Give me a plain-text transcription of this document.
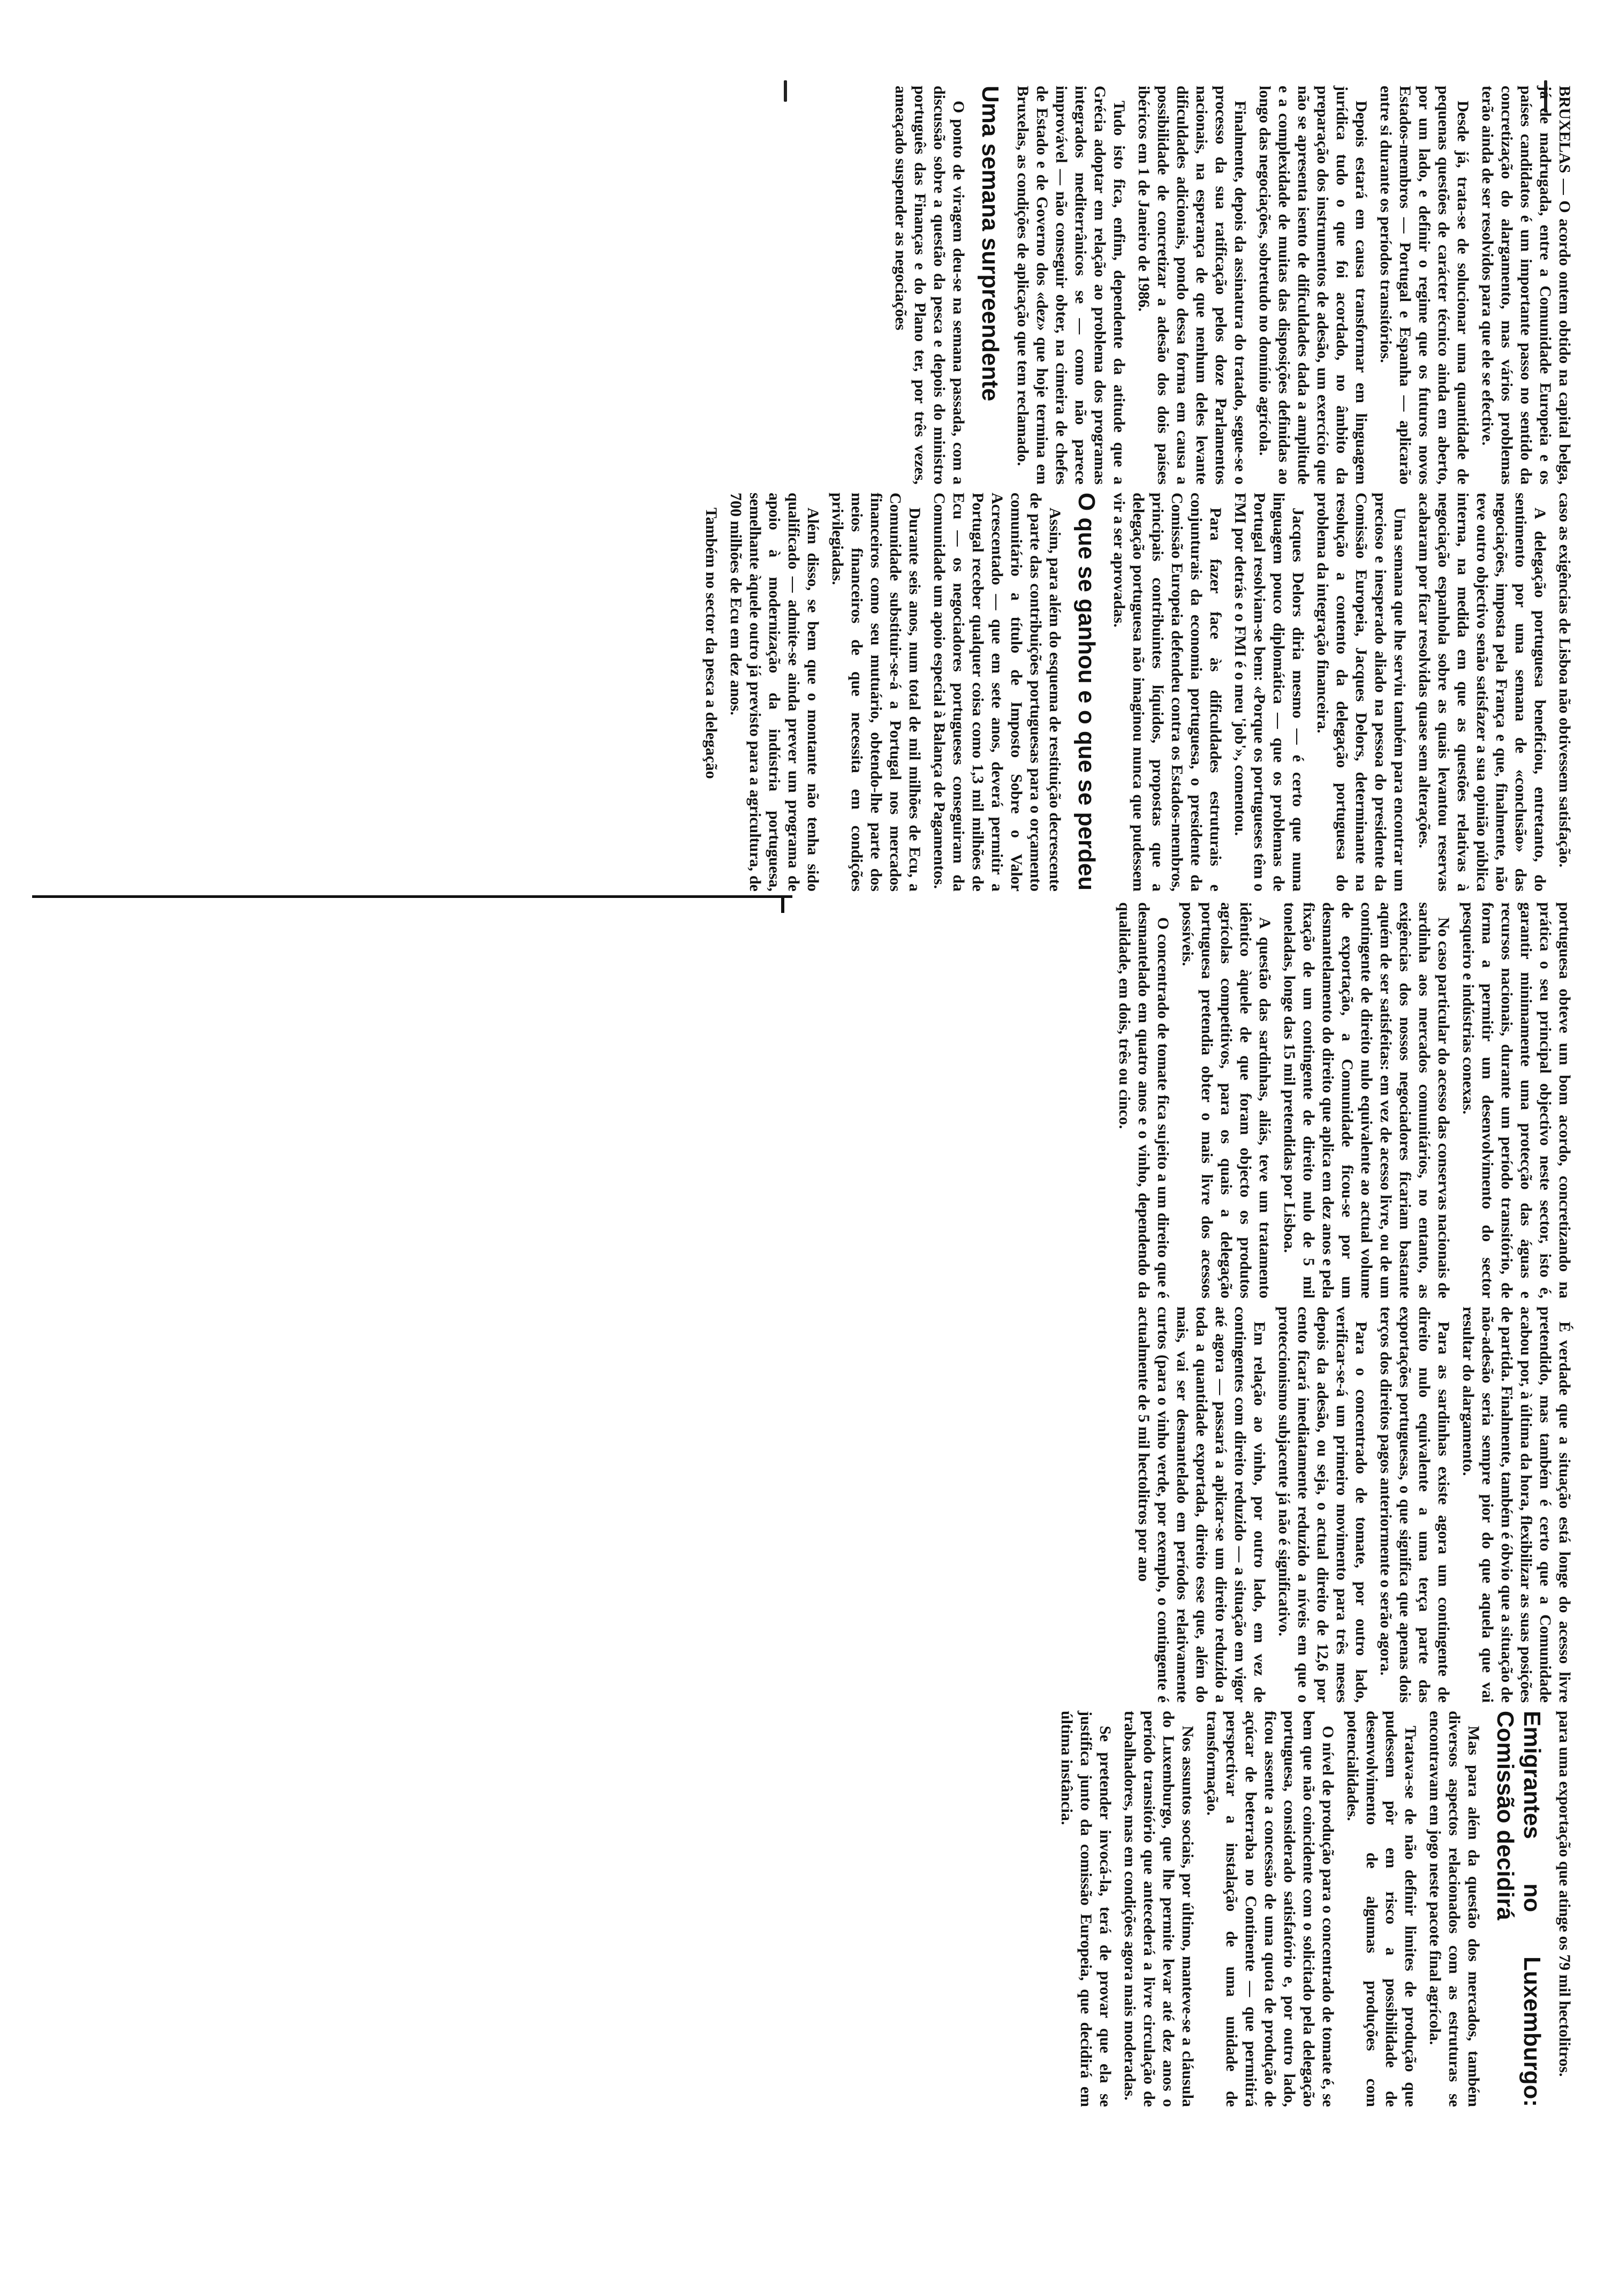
BRUXELAS — O acordo ontem obtido na capital belga, já de madrugada, entre a Comunidade Europeia e os países candidatos é um importante passo no sentido da concretização do alargamento, mas vários problemas terão ainda de ser resolvidos para que ele se efective.

Desde já, trata-se de solucionar uma quantidade de pequenas questões de carácter técnico ainda em aberto, por um lado, e definir o regime que os futuros novos Estados-membros — Portugal e Espanha — aplicarão entre si durante os períodos transitórios.

Depois estará em causa transformar em linguagem jurídica tudo o que foi acordado, no âmbito da preparação dos instrumentos de adesão, um exercício que não se apresenta isento de dificuldades dada a amplitude e a complexidade de muitas das disposições definidas ao longo das negociações, sobretudo no domínio agrícola.

Finalmente, depois da assinatura do tratado, segue-se o processo da sua ratificação pelos doze Parlamentos nacionais, na esperança de que nenhum deles levante dificuldades adicionais, pondo dessa forma em causa a possibilidade de concretizar a adesão dos dois países ibéricos em 1 de Janeiro de 1986.

Tudo isto fica, enfim, dependente da atitude que a Grécia adoptar em relação ao problema dos programas integrados mediterrânicos se — como não parece improvável — não conseguir obter, na cimeira de chefes de Estado e de Governo dos «dez» que hoje termina em Bruxelas, as condições de aplicação que tem reclamado.

Uma semana surpreendente

O ponto de viragem deu-se na semana passada, com a discussão sobre a questão da pesca e depois do ministro português das Finanças e do Plano ter, por três vezes, ameaçado suspender as negociações

caso as exigências de Lisboa não obtivessem satisfação.

A delegação portuguesa beneficiou, entretanto, do sentimento por uma semana de «conclusão» das negociações, imposta pela França e que, finalmente, não teve outro objectivo senão satisfazer a sua opinião pública interna, na medida em que as questões relativas à negociação espanhola sobre as quais levantou reservas acabaram por ficar resolvidas quase sem alterações.

Uma semana que lhe serviu também para encontrar um precioso e inesperado aliado na pessoa do presidente da Comissão Europeia, Jacques Delors, determinante na resolução a contento da delegação portuguesa do problema da integração financeira.

Jacques Delors diria mesmo — é certo que numa linguagem pouco diplomática — que os problemas de Portugal resolviam-se bem: «Porque os portugueses têm o FMI por detrás e o FMI é o meu 'job'», comentou.

Para fazer face às dificuldades estruturais e conjunturais da economia portuguesa, o presidente da Comissão Europeia defendeu contra os Estados-membros, principais contribuintes líquidos, propostas que a delegação portuguesa não imaginou nunca que pudessem vir a ser aprovadas.

O que se ganhou e o que se perdeu

Assim, para além do esquema de restituição decrescente de parte das contribuições portuguesas para o orçamento comunitário a título de Imposto Sobre o Valor Acrescentado — que em sete anos, deverá permitir a Portugal receber qualquer coisa como 1,3 mil milhões de Ecu — os negociadores portugueses conseguiram da Comunidade um apoio especial à Balança de Pagamentos.

Durante seis anos, num total de mil milhões de Ecu, a Comunidade substituir-se-á a Portugal nos mercados financeiros como seu mutuário, obtendo-lhe parte dos meios financeiros de que necessita em condições privilegiadas.

Além disso, se bem que o montante não tenha sido qualificado — admite-se ainda prever um programa de apoio à modernização da indústria portuguesa, semelhante àquele outro já previsto para a agricultura, de 700 milhões de Ecu em dez anos.

Também no sector da pesca a delegação

portuguesa obteve um bom acordo, concretizando na prática o seu principal objectivo neste sector, isto é, garantir minimamente uma protecção das águas e recursos nacionais, durante um período transitório, de forma a permitir um desenvolvimento do sector pesqueiro e indústrias conexas.

No caso particular do acesso das conservas nacionais de sardinha aos mercados comunitários, no entanto, as exigências dos nossos negociadores ficariam bastante aquém de ser satisfeitas: em vez de acesso livre, ou de um contingente de direito nulo equivalente ao actual volume de exportação, a Comunidade ficou-se por um desmantelamento do direito que aplica em dez anos e pela fixação de um contingente de direito nulo de 5 mil toneladas, longe das 15 mil pretendidas por Lisboa.

A questão das sardinhas, aliás, teve um tratamento idêntico àquele de que foram objecto os produtos agrícolas competitivos, para os quais a delegação portuguesa pretendia obter o mais livre dos acessos possíveis.

O concentrado de tomate fica sujeito a um direito que é desmantelado em quatro anos e o vinho, dependendo da qualidade, em dois, três ou cinco.

É verdade que a situação está longe do acesso livre pretendido, mas também é certo que a Comunidade acabou por, à última da hora, flexibilizar as suas posições de partida. Finalmente, também é óbvio que a situação de não-adesão seria sempre pior do que aquela que vai resultar do alargamento.

Para as sardinhas existe agora um contingente de direito nulo equivalente a uma terça parte das exportações portuguesas, o que significa que apenas dois terços dos direitos pagos anteriormente o serão agora.

Para o concentrado de tomate, por outro lado, verificar-se-á um primeiro movimento para três meses depois da adesão, ou seja, o actual direito de 12,6 por cento ficará imediatamente reduzido a níveis em que o proteccionismo subjacente já não é significativo.

Em relação ao vinho, por outro lado, em vez de contingentes com direito reduzido — a situação em vigor até agora — passará a aplicar-se um direito reduzido a toda a quantidade exportada, direito esse que, além do mais, vai ser desmantelado em períodos relativamente curtos (para o vinho verde, por exemplo, o contingente é actualmente de 5 mil hectolitros por ano

para uma exportação que atinge os 79 mil hectolitros.

Emigrantes no Luxemburgo: Comissão decidirá

Mas para além da questão dos mercados, também diversos aspectos relacionados com as estruturas se encontravam em jogo neste pacote final agrícola.

Tratava-se de não definir limites de produção que pudessem pôr em risco a possibilidade de desenvolvimento de algumas produções com potencialidades.

O nível de produção para o concentrado de tomate é, se bem que não coincidente com o solicitado pela delegação portuguesa, considerado satisfatório e, por outro lado, ficou assente a concessão de uma quota de produção de açúcar de beterraba no Continente — que permitirá perspectivar a instalação de uma unidade de transformação.

Nos assuntos sociais, por último, manteve-se a cláusula do Luxemburgo, que lhe permite levar até dez anos o período transitório que antecederá a livre circulação de trabalhadores, mas em condições agora mais moderadas.

Se pretender invocá-la, terá de provar que ela se justifica junto da comissão Europeia, que decidirá em última instância.
